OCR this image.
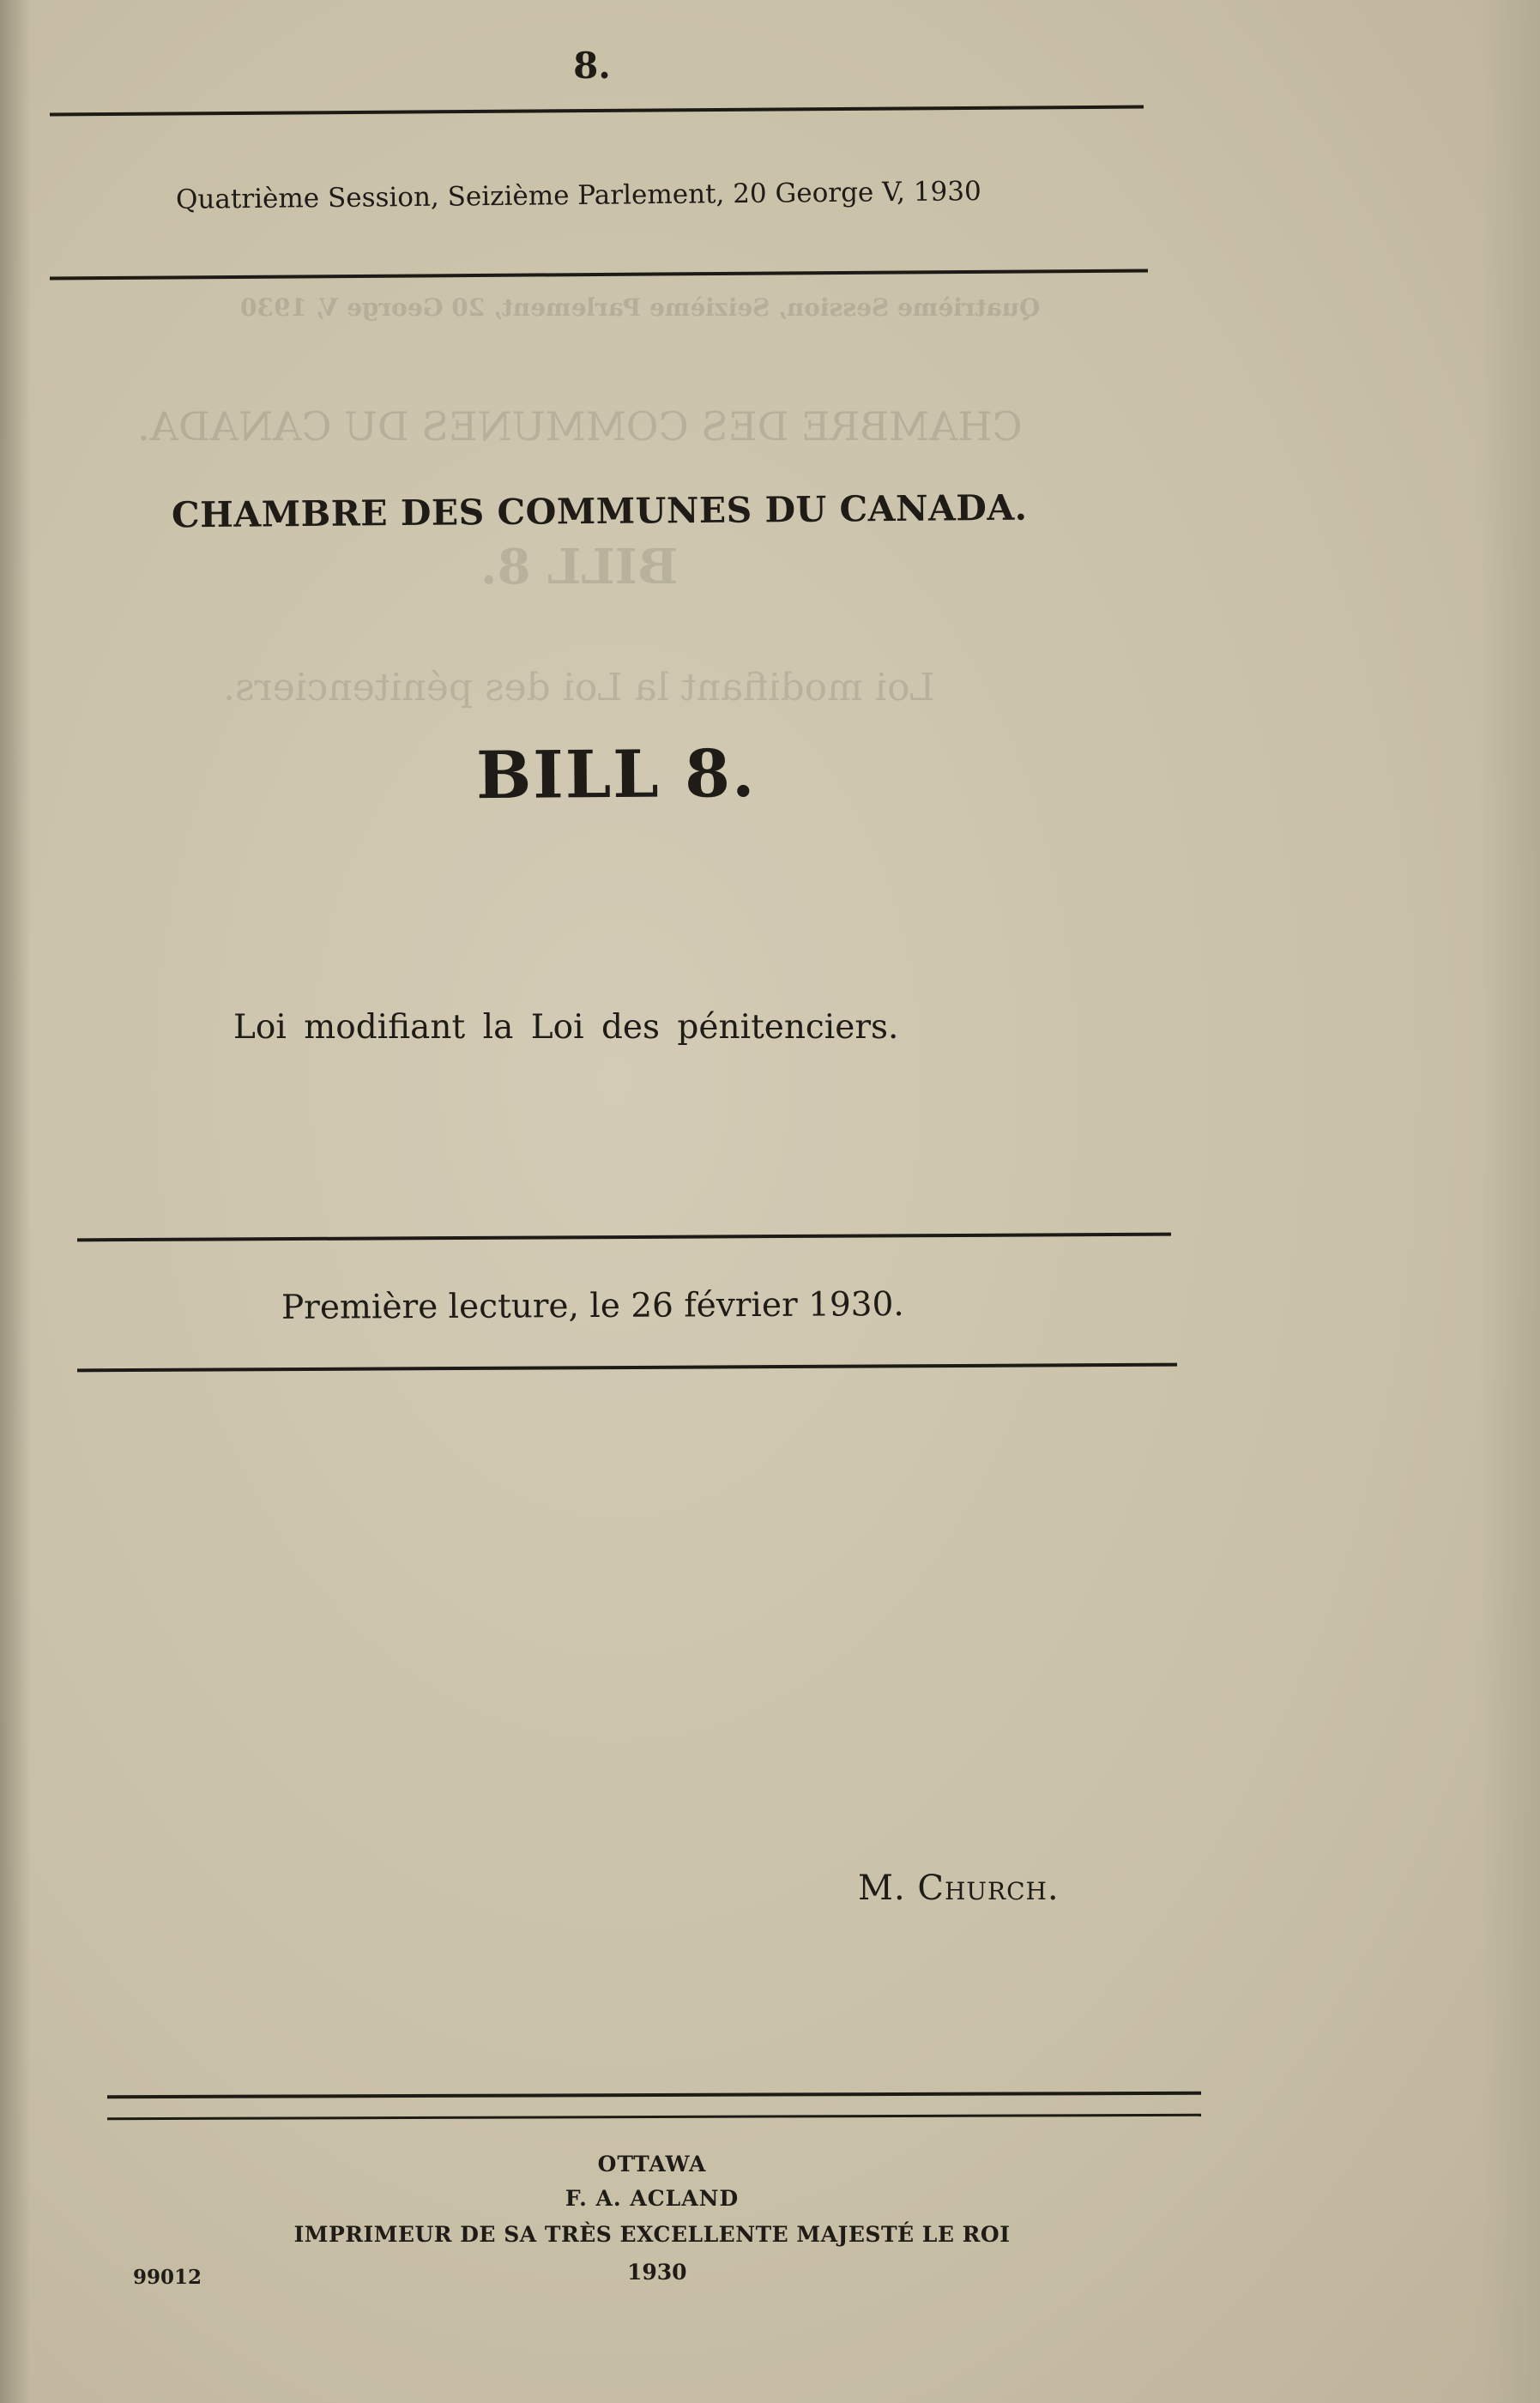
Quatrième Session, Seizième Parlement, 20 George V, 1930
CHAMBRE DES COMMUNES DU CANADA.
BILL 8.
Loi modifiant la Loi des pénitenciers.
8.
Quatrième Session, Seizième Parlement, 20 George V, 1930
CHAMBRE DES COMMUNES DU CANADA.
BILL 8.
Loi modifiant la Loi des pénitenciers.
Première lecture, le 26 février 1930.
M. Church.
OTTAWA
F. A. ACLAND
IMPRIMEUR DE SA TRÈS EXCELLENTE MAJESTÉ LE ROI
99012	1930
